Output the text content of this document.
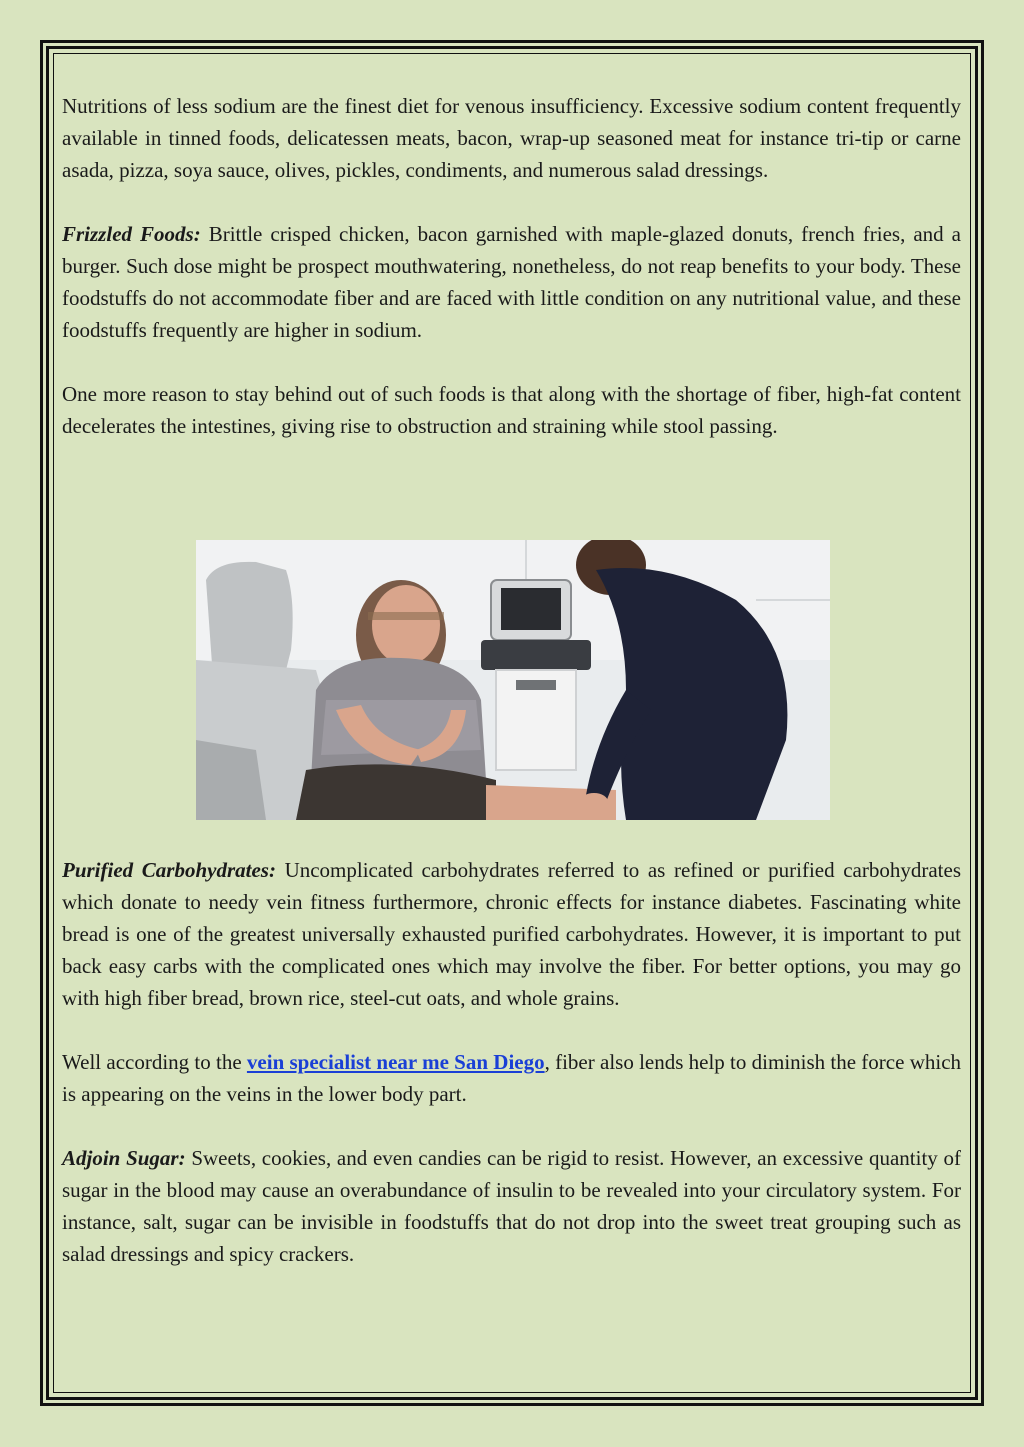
Nutritions of less sodium are the finest diet for venous insufficiency. Excessive sodium content frequently available in tinned foods, delicatessen meats, bacon, wrap-up seasoned meat for instance tri-tip or carne asada, pizza, soya sauce, olives, pickles, condiments, and numerous salad dressings.

Frizzled Foods: Brittle crisped chicken, bacon garnished with maple-glazed donuts, french fries, and a burger. Such dose might be prospect mouthwatering, nonetheless, do not reap benefits to your body. These foodstuffs do not accommodate fiber and are faced with little condition on any nutritional value, and these foodstuffs frequently are higher in sodium.

One more reason to stay behind out of such foods is that along with the shortage of fiber, high-fat content decelerates the intestines, giving rise to obstruction and straining while stool passing.

Purified Carbohydrates: Uncomplicated carbohydrates referred to as refined or purified carbohydrates which donate to needy vein fitness furthermore, chronic effects for instance diabetes. Fascinating white bread is one of the greatest universally exhausted purified carbohydrates. However, it is important to put back easy carbs with the complicated ones which may involve the fiber. For better options, you may go with high fiber bread, brown rice, steel-cut oats, and whole grains.

Well according to the vein specialist near me San Diego, fiber also lends help to diminish the force which is appearing on the veins in the lower body part.

Adjoin Sugar: Sweets, cookies, and even candies can be rigid to resist. However, an excessive quantity of sugar in the blood may cause an overabundance of insulin to be revealed into your circulatory system. For instance, salt, sugar can be invisible in foodstuffs that do not drop into the sweet treat grouping such as salad dressings and spicy crackers.
